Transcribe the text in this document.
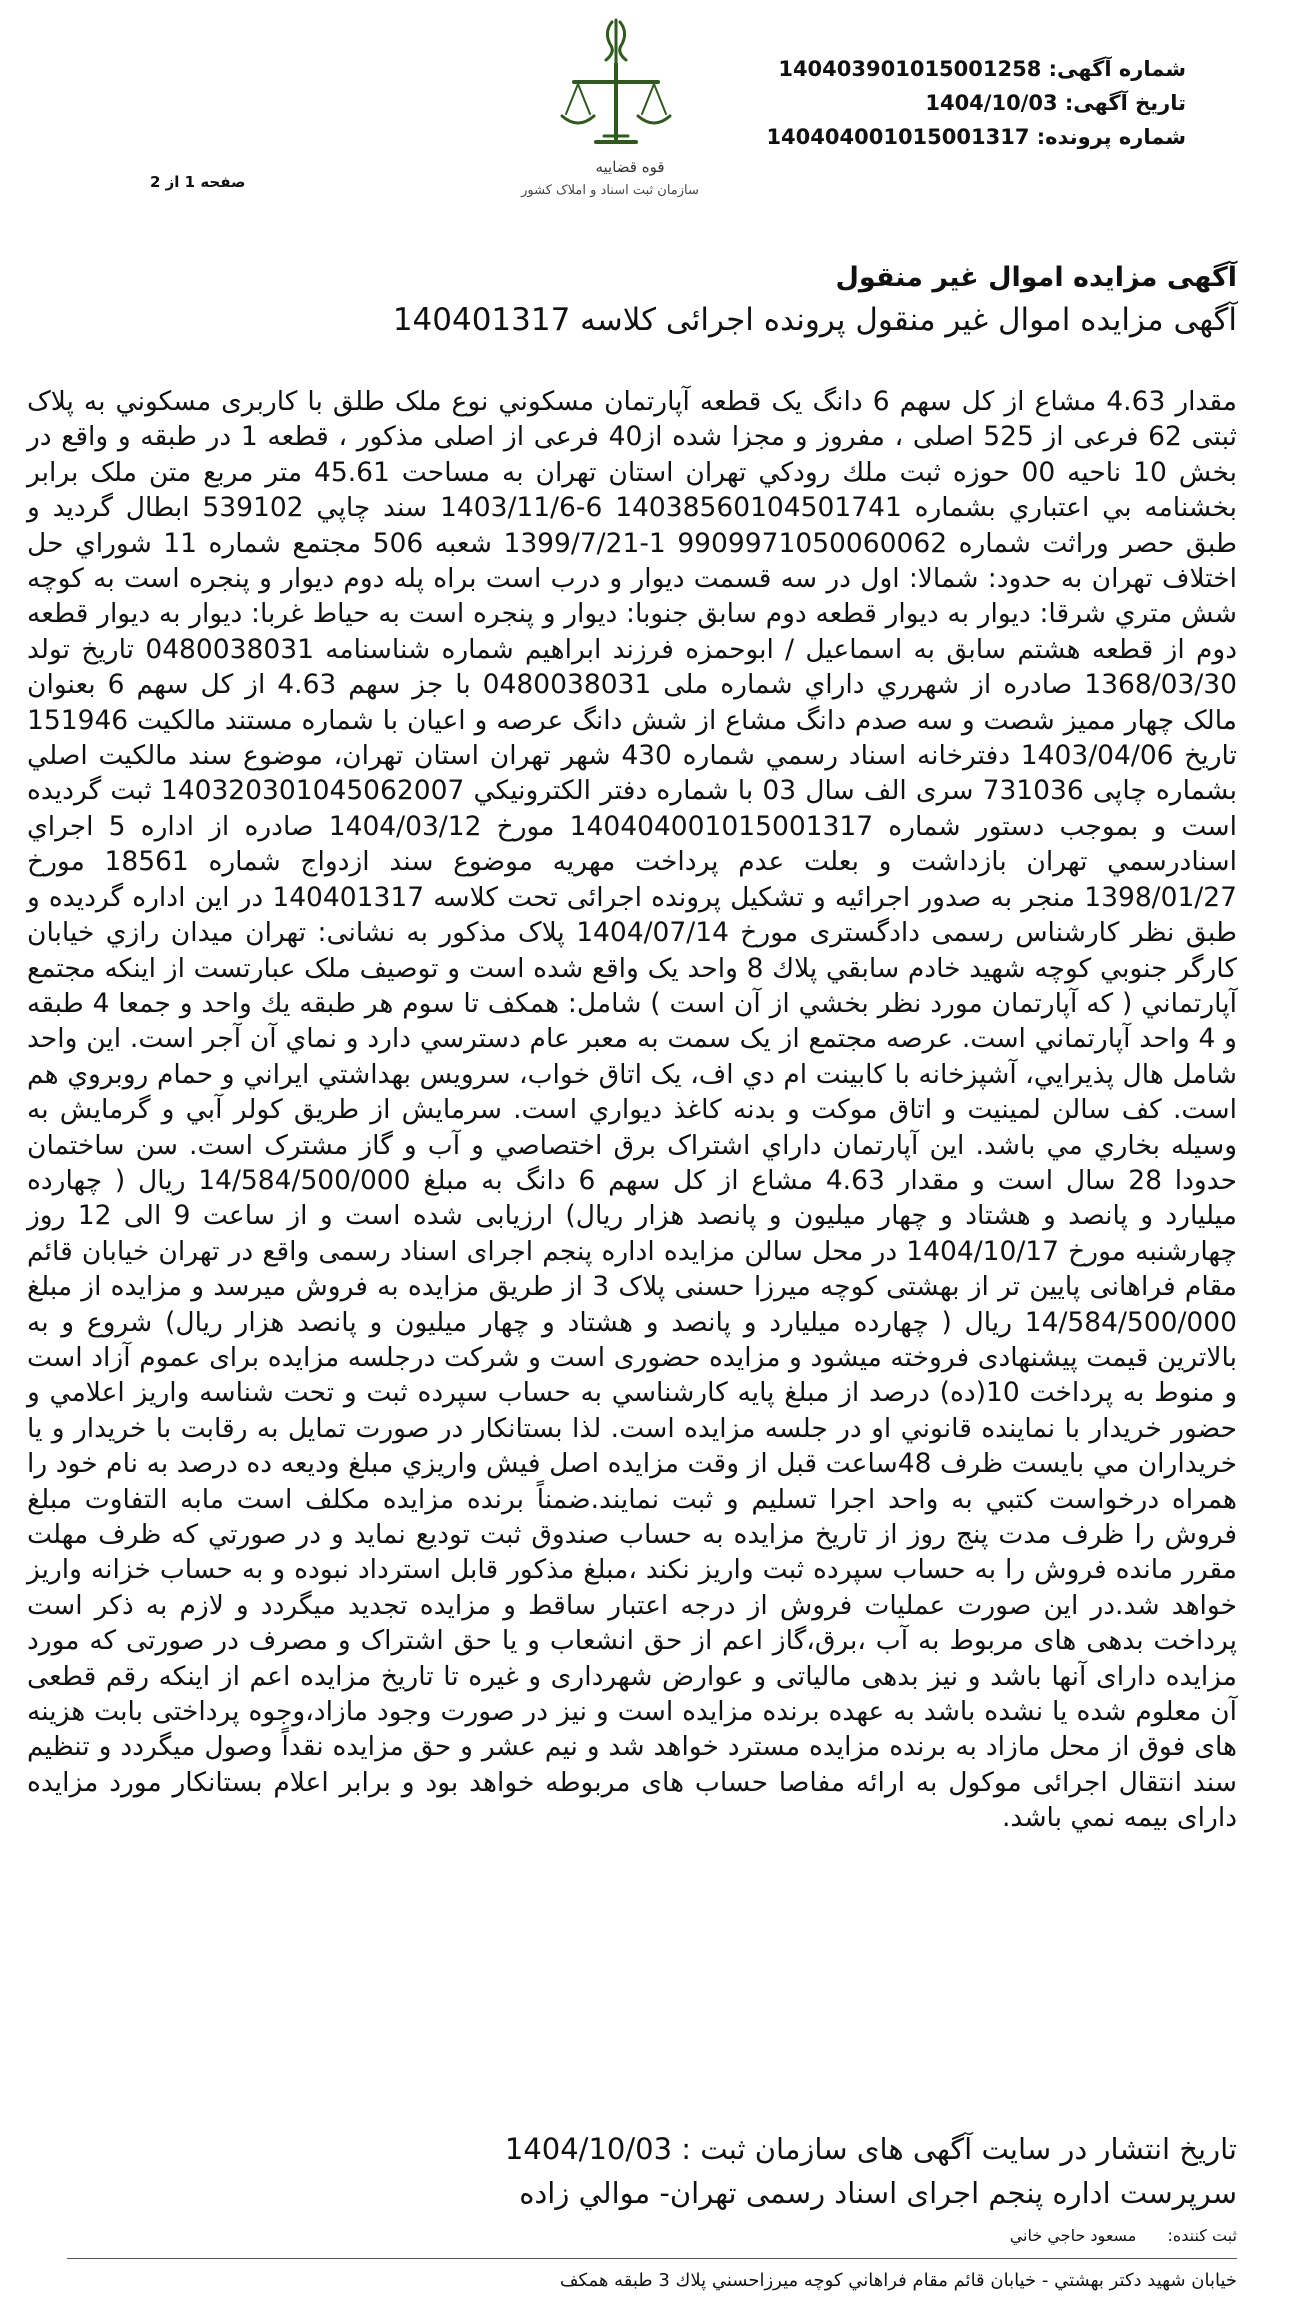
شماره آگهی: 140403901015001258
تاریخ آگهی: 1404/10/03
شماره پرونده: 140404001015001317
قوه قضاییه
سازمان ثبت اسناد و املاک کشور
صفحه 1 از 2
آگهی مزایده اموال غیر منقول
آگهی مزایده اموال غیر منقول پرونده اجرائی کلاسه 140401317
مقدار 4.63 مشاع از کل سهم 6 دانگ یک قطعه آپارتمان مسكوني نوع ملک طلق با کاربری مسکوني به پلاک ثبتی 62 فرعی از 525 اصلی ، مفروز و مجزا شده از40 فرعی از اصلی مذکور ، قطعه 1 در طبقه و واقع در بخش 10 ناحيه 00 حوزه ثبت ملك رودكي تهران استان تهران به مساحت 45.61 متر مربع متن ملک برابر بخشنامه بي اعتباري بشماره 14038560104501741 6-1403/11/6 سند چاپي 539102 ابطال گرديد و طبق حصر وراثت شماره 9909971050060062 1-1399/7/21 شعبه 506 مجتمع شماره 11 شوراي حل اختلاف تهران به حدود: شمالا: اول در سه قسمت ديوار و درب است براه پله دوم ديوار و پنجره است به كوچه شش متري شرقا: ديوار به ديوار قطعه دوم سابق جنوبا: ديوار و پنجره است به حياط غربا: ديوار به ديوار قطعه دوم از قطعه هشتم سابق به اسماعيل / ابوحمزه فرزند ابراهيم شماره شناسنامه 0480038031 تاريخ تولد 1368/03/30 صادره از شهرري داراي شماره ملی 0480038031 با جز سهم 4.63 از کل سهم 6 بعنوان مالک چهار مميز شصت و سه صدم دانگ مشاع از شش دانگ عرصه و اعيان با شماره مستند مالكيت 151946 تاريخ 1403/04/06 دفترخانه اسناد رسمي شماره 430 شهر تهران استان تهران، موضوع سند مالکيت اصلي بشماره چاپی 731036 سری الف سال 03 با شماره دفتر الكترونيكي 140320301045062007 ثبت گرديده است و بموجب دستور شماره 140404001015001317 مورخ 1404/03/12 صادره از اداره 5 اجراي اسنادرسمي تهران بازداشت و بعلت عدم پرداخت مهريه موضوع سند ازدواج شماره 18561 مورخ 1398/01/27 منجر به صدور اجرائيه و تشكيل پرونده اجرائی تحت كلاسه 140401317 در اين اداره گرديده و طبق نظر كارشناس رسمی دادگستری مورخ 1404/07/14 پلاک مذکور به نشانی: تهران ميدان رازي خيابان كارگر جنوبي كوچه شهيد خادم سابقي پلاك 8 واحد یک واقع شده است و توصيف ملک عبارتست از اينكه مجتمع آپارتماني ( كه آپارتمان مورد نظر بخشي از آن است ) شامل: همكف تا سوم هر طبقه يك واحد و جمعا 4 طبقه و 4 واحد آپارتماني است. عرصه مجتمع از یک سمت به معبر عام دسترسي دارد و نماي آن آجر است. اين واحد شامل هال پذيرايي، آشپزخانه با كابينت ام دي اف، يک اتاق خواب، سرويس بهداشتي ايراني و حمام روبروي هم است. كف سالن لمينيت و اتاق موكت و بدنه كاغذ ديواري است. سرمايش از طريق كولر آبي و گرمايش به وسيله بخاري مي باشد. اين آپارتمان داراي اشتراک برق اختصاصي و آب و گاز مشترک است. سن ساختمان حدودا 28 سال است و مقدار 4.63 مشاع از كل سهم 6 دانگ به مبلغ 14/584/500/000 ريال ( چهارده ميليارد و پانصد و هشتاد و چهار ميليون و پانصد هزار ريال) ارزيابی شده است و از ساعت 9 الی 12 روز چهارشنبه مورخ 1404/10/17 در محل سالن مزايده اداره پنجم اجرای اسناد رسمی واقع در تهران خيابان قائم مقام فراهانی پايين تر از بهشتی كوچه ميرزا حسنی پلاک 3 از طريق مزايده به فروش ميرسد و مزايده از مبلغ 14/584/500/000 ريال ( چهارده ميليارد و پانصد و هشتاد و چهار ميليون و پانصد هزار ريال) شروع و به بالاترين قيمت پيشنهادی فروخته ميشود و مزايده حضوری است و شركت درجلسه مزايده برای عموم آزاد است و منوط به پرداخت 10(ده) درصد از مبلغ پايه كارشناسي به حساب سپرده ثبت و تحت شناسه واريز اعلامي و حضور خريدار با نماينده قانوني او در جلسه مزايده است. لذا بستانكار در صورت تمايل به رقابت با خريدار و يا خريداران مي بايست ظرف 48ساعت قبل از وقت مزايده اصل فيش واريزي مبلغ وديعه ده درصد به نام خود را همراه درخواست كتبي به واحد اجرا تسليم و ثبت نمايند.ضمناً برنده مزايده مكلف است مابه التفاوت مبلغ فروش را ظرف مدت پنج روز از تاريخ مزايده به حساب صندوق ثبت توديع نمايد و در صورتي كه ظرف مهلت مقرر مانده فروش را به حساب سپرده ثبت واريز نكند ،مبلغ مذكور قابل استرداد نبوده و به حساب خزانه واريز خواهد شد.در اين صورت عمليات فروش از درجه اعتبار ساقط و مزايده تجديد ميگردد و لازم به ذكر است پرداخت بدهی های مربوط به آب ،برق،گاز اعم از حق انشعاب و يا حق اشتراک و مصرف در صورتی كه مورد مزايده دارای آنها باشد و نيز بدهی مالياتی و عوارض شهرداری و غيره تا تاريخ مزايده اعم از اينكه رقم قطعی آن معلوم شده يا نشده باشد به عهده برنده مزايده است و نيز در صورت وجود مازاد،وجوه پرداختی بابت هزينه های فوق از محل مازاد به برنده مزايده مسترد خواهد شد و نيم عشر و حق مزايده نقداً وصول ميگردد و تنظيم سند انتقال اجرائی موكول به ارائه مفاصا حساب های مربوطه خواهد بود و برابر اعلام بستانكار مورد مزايده دارای بيمه نمي باشد.
تاريخ انتشار در سايت آگهی های سازمان ثبت : 1404/10/03
سرپرست اداره پنجم اجرای اسناد رسمی تهران- موالي زاده
ثبت کننده: مسعود حاجي خاني
خيابان شهيد دكتر بهشتي - خيابان قائم مقام فراهاني كوچه ميرزاحسني پلاك 3 طبقه همكف
